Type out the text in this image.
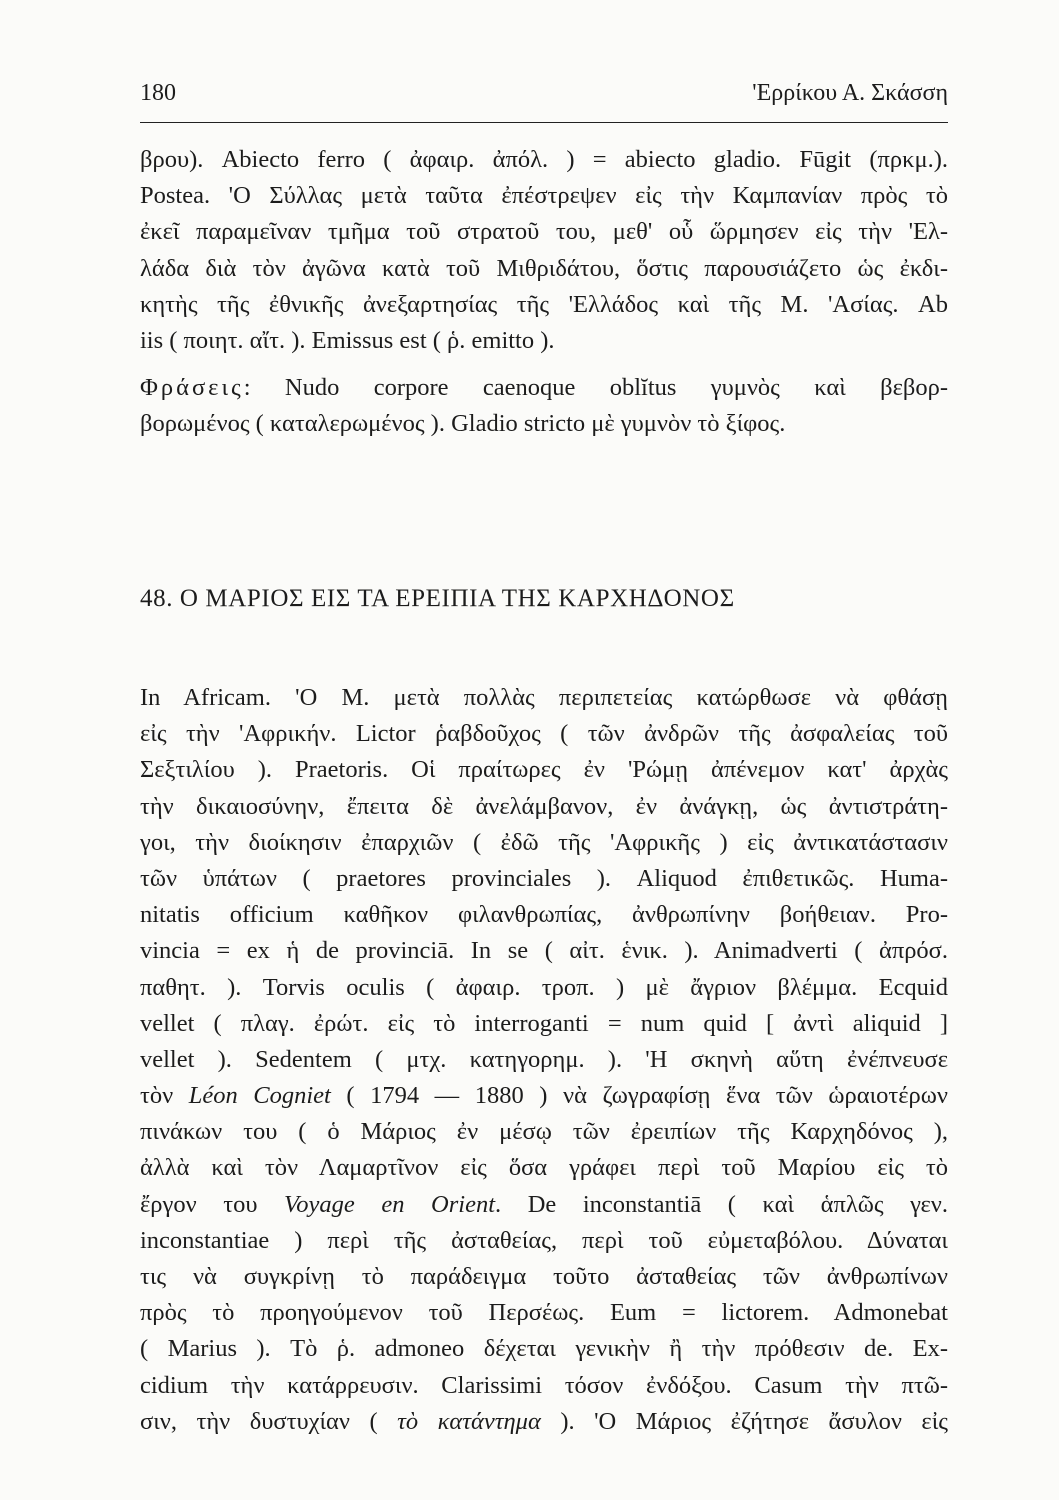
180	'Ερρίκου Α. Σκάσση
βρου). Abiecto ferro ( ἀφαιρ. ἀπόλ. ) = abiecto gladio. Fūgit (πρκμ.).
Postea. 'Ο Σύλλας μετὰ ταῦτα ἐπέστρεψεν εἰς τὴν Καμπανίαν πρὸς τὸ
ἐκεῖ παραμεῖναν τμῆμα τοῦ στρατοῦ του, μεθ' οὗ ὥρμησεν εἰς τὴν 'Ελ-
λάδα διὰ τὸν ἀγῶνα κατὰ τοῦ Μιθριδάτου, ὅστις παρουσιάζετο ὡς ἐκδι-
κητὴς τῆς ἐθνικῆς ἀνεξαρτησίας τῆς 'Ελλάδος καὶ τῆς Μ. 'Ασίας. Ab
iis ( ποιητ. αἴτ. ). Emissus est ( ῥ. emitto ).
Φράσεις: Nudo corpore caenoque oblĭtus γυμνὸς καὶ βεβορ-
βορωμένος ( καταλερωμένος ). Gladio stricto μὲ γυμνὸν τὸ ξίφος.
48. Ο ΜΑΡΙΟΣ ΕΙΣ ΤΑ ΕΡΕΙΠΙΑ ΤΗΣ ΚΑΡΧΗΔΟΝΟΣ
In Africam. 'Ο Μ. μετὰ πολλὰς περιπετείας κατώρθωσε νὰ φθάσῃ
εἰς τὴν 'Αφρικήν. Lictor ῥαβδοῦχος ( τῶν ἀνδρῶν τῆς ἀσφαλείας τοῦ
Σεξτιλίου ). Praetoris. Οἱ πραίτωρες ἐν 'Ρώμῃ ἀπένεμον κατ' ἀρχὰς
τὴν δικαιοσύνην, ἔπειτα δὲ ἀνελάμβανον, ἐν ἀνάγκῃ, ὡς ἀντιστράτη-
γοι, τὴν διοίκησιν ἐπαρχιῶν ( ἐδῶ τῆς 'Αφρικῆς ) εἰς ἀντικατάστασιν
τῶν ὑπάτων ( praetores provinciales ). Aliquod ἐπιθετικῶς. Huma-
nitatis officium καθῆκον φιλανθρωπίας, ἀνθρωπίνην βοήθειαν. Pro-
vincia = ex ἡ de provinciā. In se ( αἰτ. ἑνικ. ). Animadverti ( ἀπρόσ.
παθητ. ). Torvis oculis ( ἀφαιρ. τροπ. ) μὲ ἄγριον βλέμμα. Ecquid
vellet ( πλαγ. ἐρώτ. εἰς τὸ interroganti = num quid [ ἀντὶ aliquid ]
vellet ). Sedentem ( μτχ. κατηγορημ. ). 'Η σκηνὴ αὕτη ἐνέπνευσε
τὸν Léon Cogniet ( 1794 — 1880 ) νὰ ζωγραφίσῃ ἕνα τῶν ὡραιοτέρων
πινάκων του ( ὁ Μάριος ἐν μέσῳ τῶν ἐρειπίων τῆς Καρχηδόνος ),
ἀλλὰ καὶ τὸν Λαμαρτῖνον εἰς ὅσα γράφει περὶ τοῦ Μαρίου εἰς τὸ
ἔργον του Voyage en Orient. De inconstantiā ( καὶ ἁπλῶς γεν.
inconstantiae ) περὶ τῆς ἀσταθείας, περὶ τοῦ εὐμεταβόλου. Δύναται
τις νὰ συγκρίνῃ τὸ παράδειγμα τοῦτο ἀσταθείας τῶν ἀνθρωπίνων
πρὸς τὸ προηγούμενον τοῦ Περσέως. Eum = lictorem. Admonebat
( Marius ). Τὸ ῥ. admoneo δέχεται γενικὴν ἢ τὴν πρόθεσιν de. Ex-
cidium τὴν κατάρρευσιν. Clarissimi τόσον ἐνδόξου. Casum τὴν πτῶ-
σιν, τὴν δυστυχίαν ( τὸ κατάντημα ). 'Ο Μάριος ἐζήτησε ἄσυλον εἰς
